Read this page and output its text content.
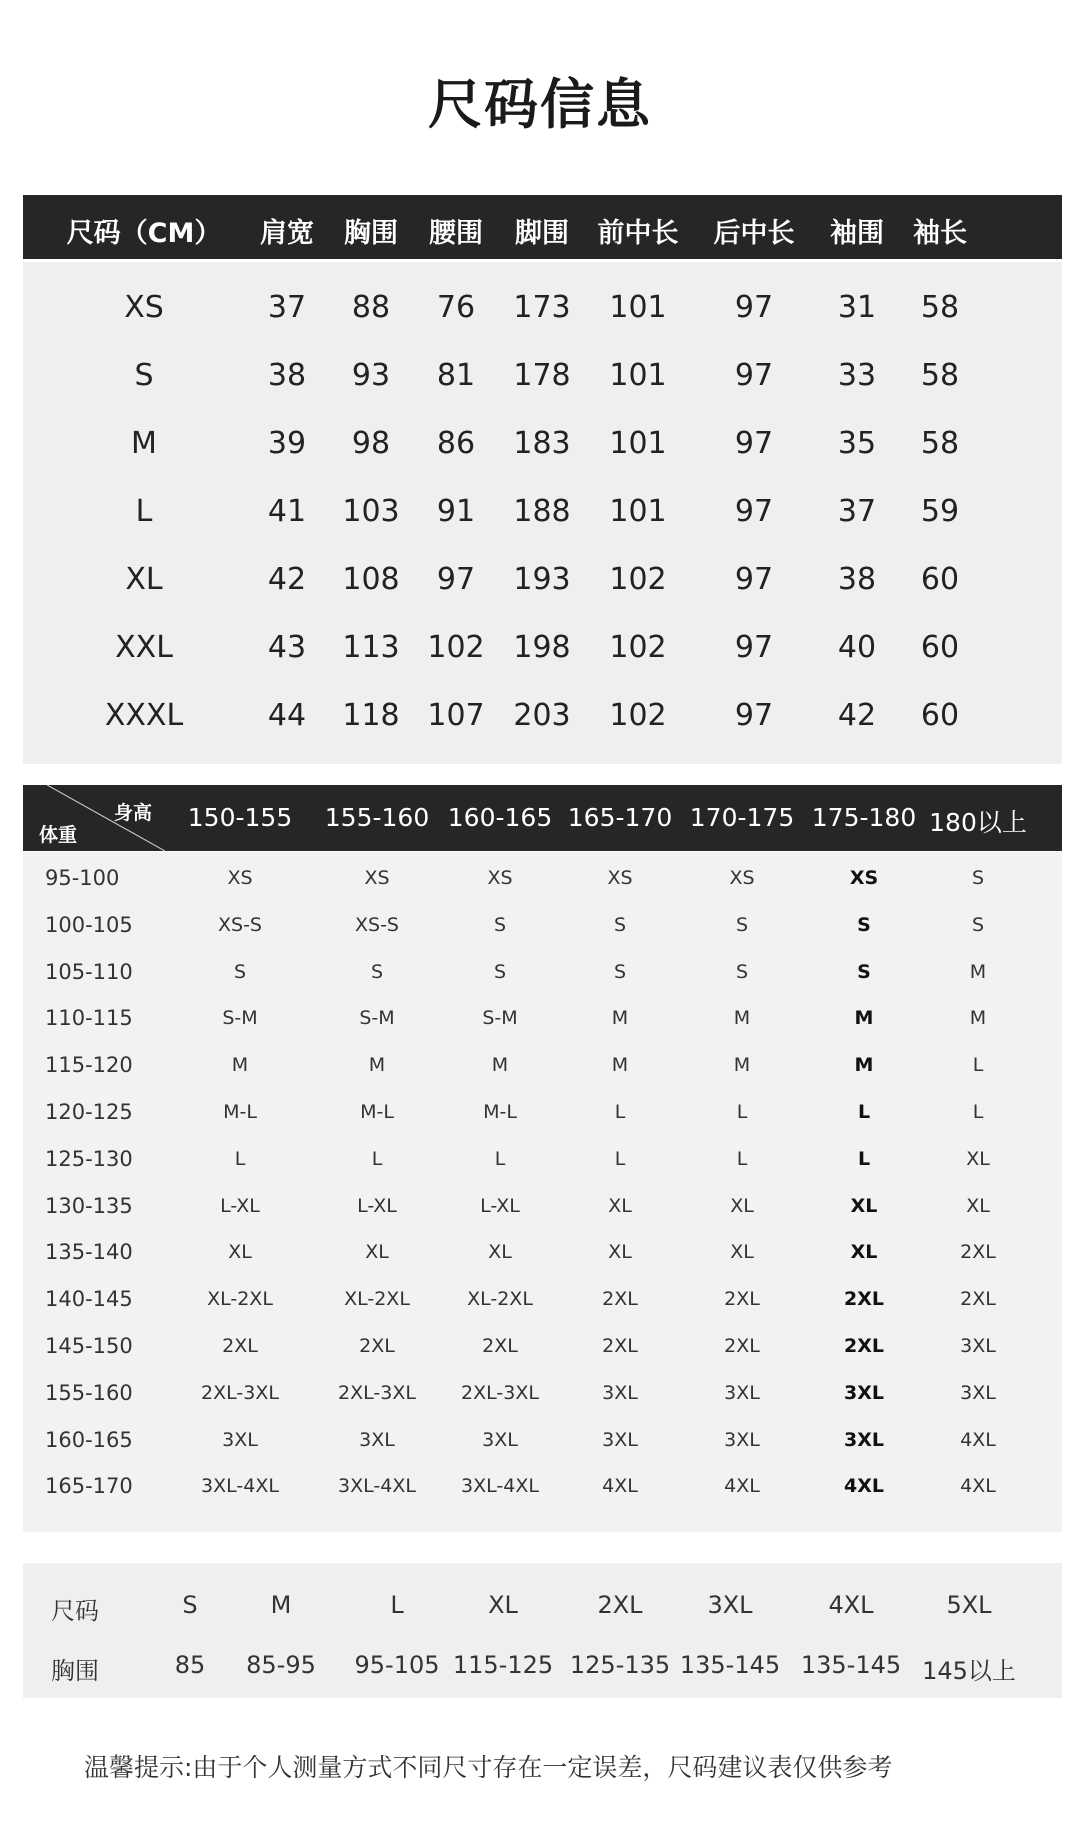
尺码信息
尺码（CM） 肩宽 胸围 腰围 脚围 前中长 后中长 袖围 袖长
XS	37 88 76 173 101 97 31 58
S	38 93 81 178 101 97 33 58
M	39 98 86 183 101 97 35 58
L	41 103 91 188 101 97 37 59
XL	42 108 97 193 102 97 38 60
XXL	43 113 102 198 102 97 40 60
XXXL	44 118 107 203 102 97 42 60
身高
体重
150-155 155-160 160-165 165-170 170-175 175-180 180以上
95-100	XS	XS	XS	XS	XS	XS	S
100-105	XS-S	XS-S	S	S	S	S	S
105-110	S	S	S	S	S	S	M
110-115	S-M	S-M	S-M	M	M	M	M
115-120	M	M	M	M	M	M	L
120-125	M-L	M-L	M-L	L	L	L	L
125-130	L	L	L	L	L	L	XL
130-135	L-XL	L-XL	L-XL	XL	XL	XL	XL
135-140	XL	XL	XL	XL	XL	XL	2XL
140-145	XL-2XL	XL-2XL	XL-2XL	2XL	2XL	2XL	2XL
145-150	2XL	2XL	2XL	2XL	2XL	2XL	3XL
155-160	2XL-3XL	2XL-3XL 2XL-3XL	3XL	3XL	3XL	3XL
160-165	3XL	3XL	3XL	3XL	3XL	3XL	4XL
165-170	3XL-4XL	3XL-4XL 3XL-4XL	4XL	4XL	4XL	4XL
尺码
胸围
S	M	L	XL	2XL	3XL	4XL	5XL
85 85-95 95-105 115-125 125-135 135-145 135-145 145以上
温馨提示:由于个人测量方式不同尺寸存在一定误差，尺码建议表仅供参考
